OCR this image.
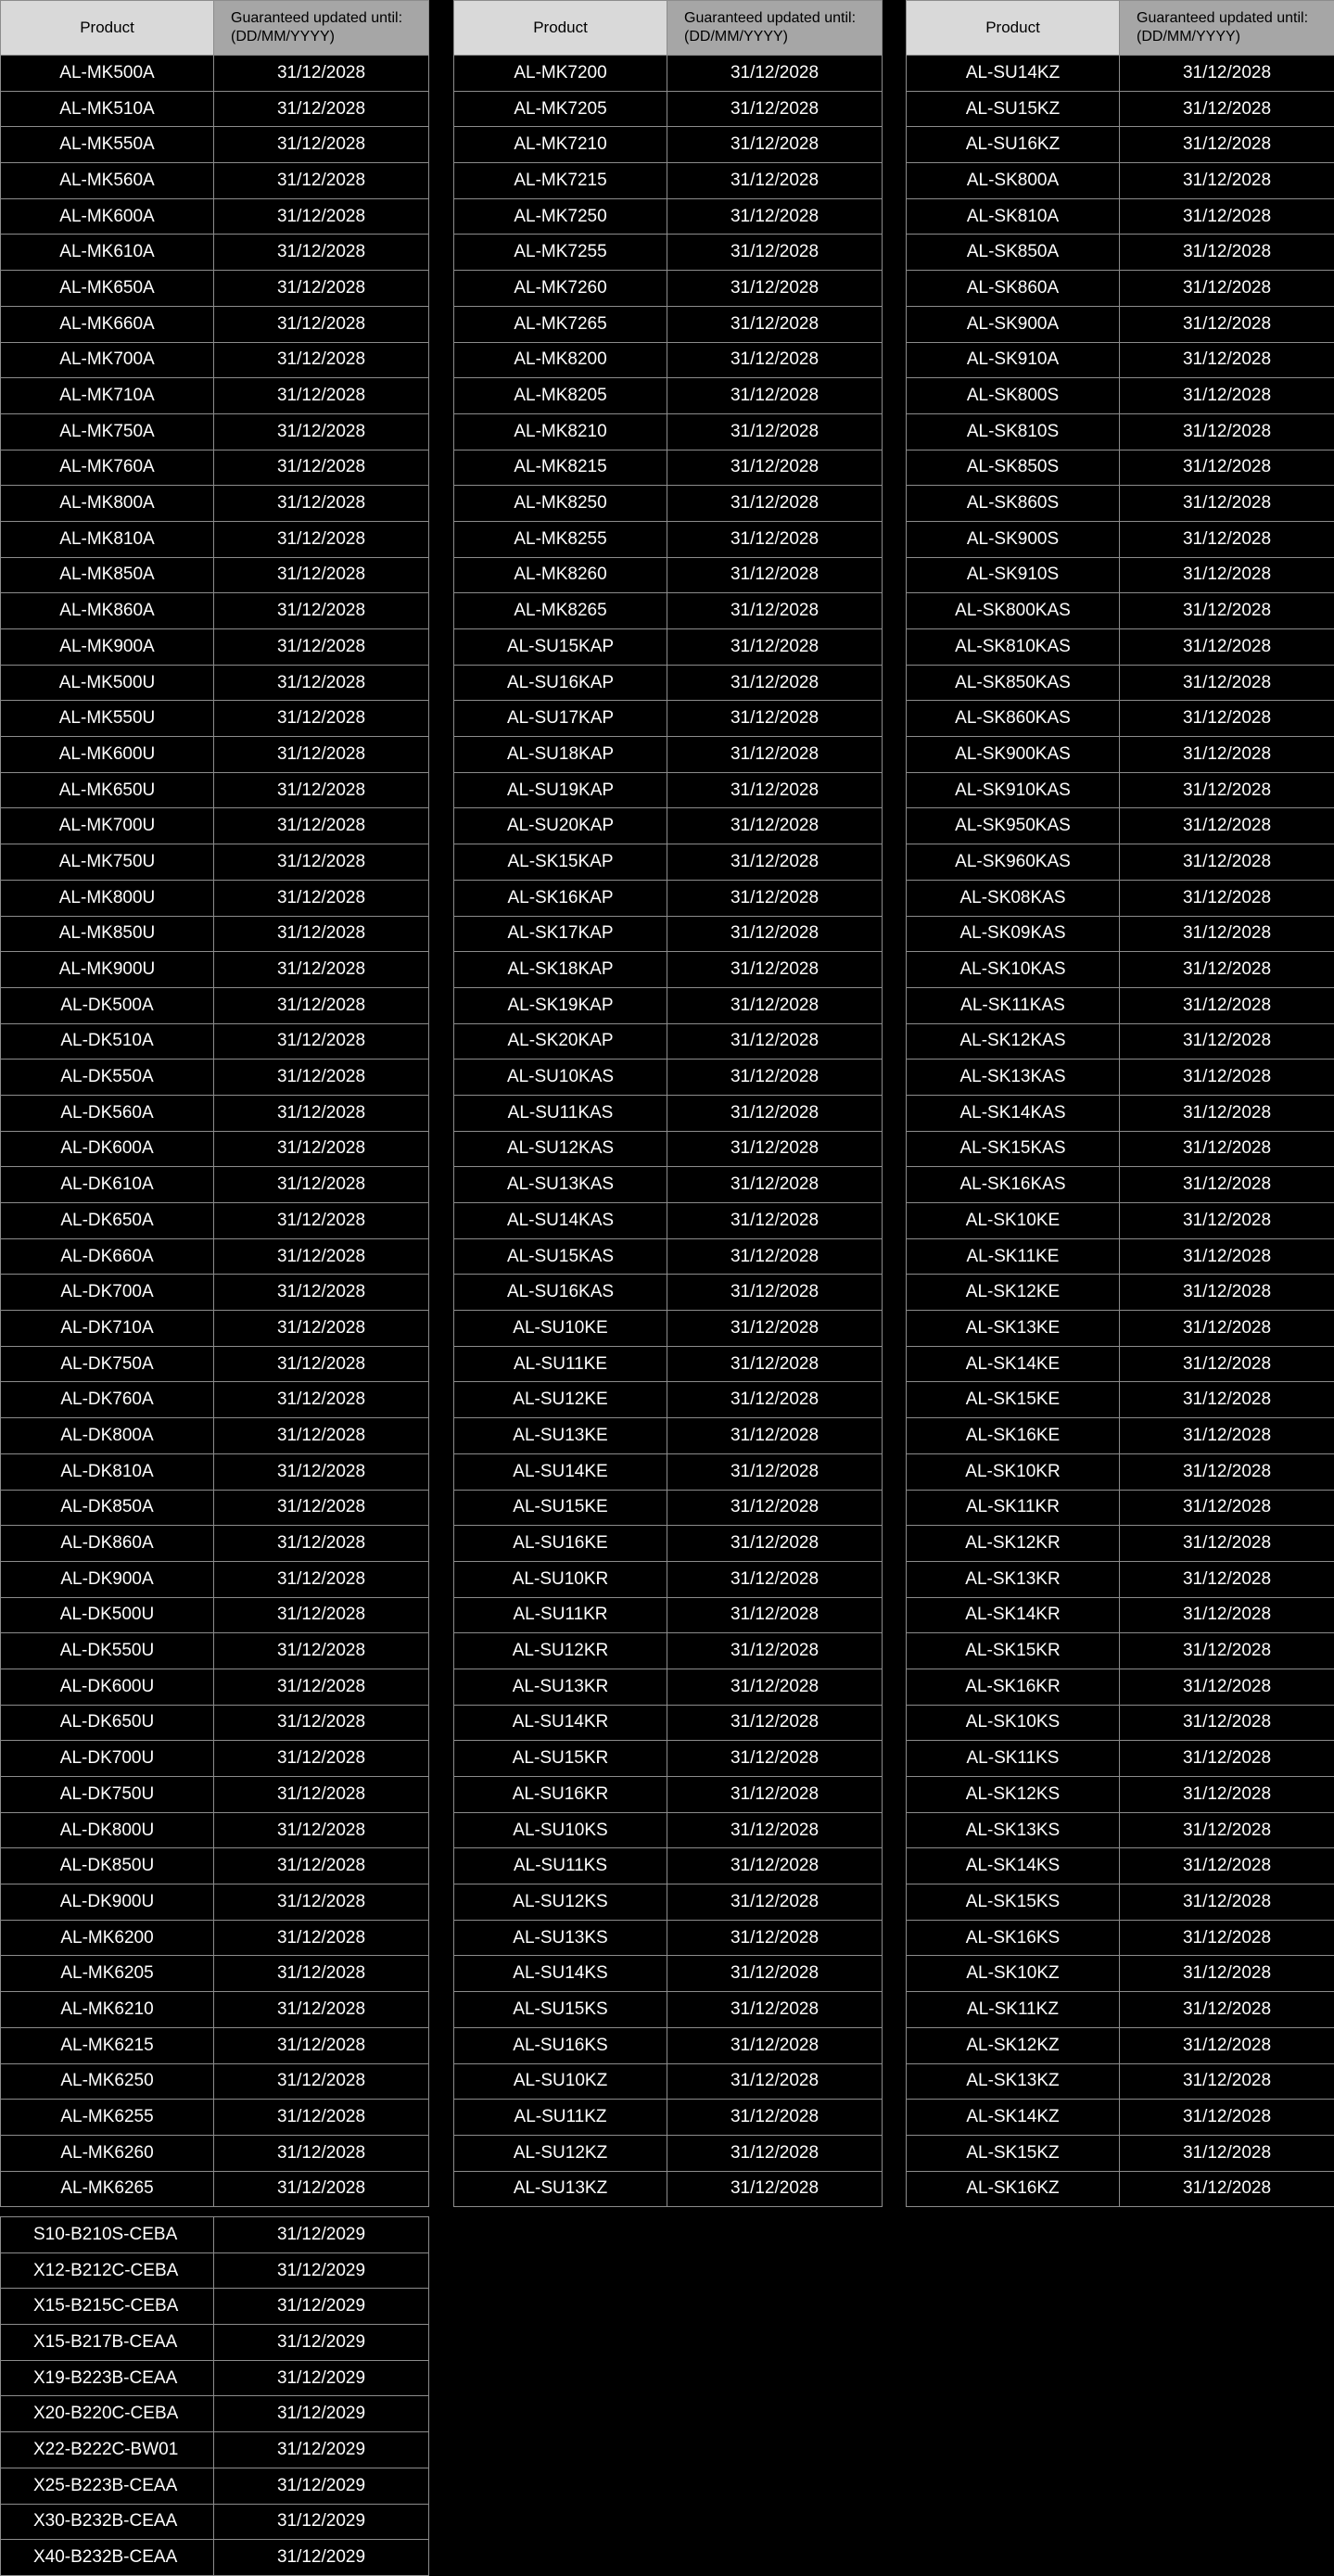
Product	Guaranteed updated until:
(DD/MM/YYYY)
AL-MK500A	31/12/2028
AL-MK510A	31/12/2028
AL-MK550A	31/12/2028
AL-MK560A	31/12/2028
AL-MK600A	31/12/2028
AL-MK610A	31/12/2028
AL-MK650A	31/12/2028
AL-MK660A	31/12/2028
AL-MK700A	31/12/2028
AL-MK710A	31/12/2028
AL-MK750A	31/12/2028
AL-MK760A	31/12/2028
AL-MK800A	31/12/2028
AL-MK810A	31/12/2028
AL-MK850A	31/12/2028
AL-MK860A	31/12/2028
AL-MK900A	31/12/2028
AL-MK500U	31/12/2028
AL-MK550U	31/12/2028
AL-MK600U	31/12/2028
AL-MK650U	31/12/2028
AL-MK700U	31/12/2028
AL-MK750U	31/12/2028
AL-MK800U	31/12/2028
AL-MK850U	31/12/2028
AL-MK900U	31/12/2028
AL-DK500A	31/12/2028
AL-DK510A	31/12/2028
AL-DK550A	31/12/2028
AL-DK560A	31/12/2028
AL-DK600A	31/12/2028
AL-DK610A	31/12/2028
AL-DK650A	31/12/2028
AL-DK660A	31/12/2028
AL-DK700A	31/12/2028
AL-DK710A	31/12/2028
AL-DK750A	31/12/2028
AL-DK760A	31/12/2028
AL-DK800A	31/12/2028
AL-DK810A	31/12/2028
AL-DK850A	31/12/2028
AL-DK860A	31/12/2028
AL-DK900A	31/12/2028
AL-DK500U	31/12/2028
AL-DK550U	31/12/2028
AL-DK600U	31/12/2028
AL-DK650U	31/12/2028
AL-DK700U	31/12/2028
AL-DK750U	31/12/2028
AL-DK800U	31/12/2028
AL-DK850U	31/12/2028
AL-DK900U	31/12/2028
AL-MK6200	31/12/2028
AL-MK6205	31/12/2028
AL-MK6210	31/12/2028
AL-MK6215	31/12/2028
AL-MK6250	31/12/2028
AL-MK6255	31/12/2028
AL-MK6260	31/12/2028
AL-MK6265	31/12/2028
Product	Guaranteed updated until:
(DD/MM/YYYY)
AL-MK7200	31/12/2028
AL-MK7205	31/12/2028
AL-MK7210	31/12/2028
AL-MK7215	31/12/2028
AL-MK7250	31/12/2028
AL-MK7255	31/12/2028
AL-MK7260	31/12/2028
AL-MK7265	31/12/2028
AL-MK8200	31/12/2028
AL-MK8205	31/12/2028
AL-MK8210	31/12/2028
AL-MK8215	31/12/2028
AL-MK8250	31/12/2028
AL-MK8255	31/12/2028
AL-MK8260	31/12/2028
AL-MK8265	31/12/2028
AL-SU15KAP	31/12/2028
AL-SU16KAP	31/12/2028
AL-SU17KAP	31/12/2028
AL-SU18KAP	31/12/2028
AL-SU19KAP	31/12/2028
AL-SU20KAP	31/12/2028
AL-SK15KAP	31/12/2028
AL-SK16KAP	31/12/2028
AL-SK17KAP	31/12/2028
AL-SK18KAP	31/12/2028
AL-SK19KAP	31/12/2028
AL-SK20KAP	31/12/2028
AL-SU10KAS	31/12/2028
AL-SU11KAS	31/12/2028
AL-SU12KAS	31/12/2028
AL-SU13KAS	31/12/2028
AL-SU14KAS	31/12/2028
AL-SU15KAS	31/12/2028
AL-SU16KAS	31/12/2028
AL-SU10KE	31/12/2028
AL-SU11KE	31/12/2028
AL-SU12KE	31/12/2028
AL-SU13KE	31/12/2028
AL-SU14KE	31/12/2028
AL-SU15KE	31/12/2028
AL-SU16KE	31/12/2028
AL-SU10KR	31/12/2028
AL-SU11KR	31/12/2028
AL-SU12KR	31/12/2028
AL-SU13KR	31/12/2028
AL-SU14KR	31/12/2028
AL-SU15KR	31/12/2028
AL-SU16KR	31/12/2028
AL-SU10KS	31/12/2028
AL-SU11KS	31/12/2028
AL-SU12KS	31/12/2028
AL-SU13KS	31/12/2028
AL-SU14KS	31/12/2028
AL-SU15KS	31/12/2028
AL-SU16KS	31/12/2028
AL-SU10KZ	31/12/2028
AL-SU11KZ	31/12/2028
AL-SU12KZ	31/12/2028
AL-SU13KZ	31/12/2028
Product	Guaranteed updated until:
(DD/MM/YYYY)
AL-SU14KZ	31/12/2028
AL-SU15KZ	31/12/2028
AL-SU16KZ	31/12/2028
AL-SK800A	31/12/2028
AL-SK810A	31/12/2028
AL-SK850A	31/12/2028
AL-SK860A	31/12/2028
AL-SK900A	31/12/2028
AL-SK910A	31/12/2028
AL-SK800S	31/12/2028
AL-SK810S	31/12/2028
AL-SK850S	31/12/2028
AL-SK860S	31/12/2028
AL-SK900S	31/12/2028
AL-SK910S	31/12/2028
AL-SK800KAS	31/12/2028
AL-SK810KAS	31/12/2028
AL-SK850KAS	31/12/2028
AL-SK860KAS	31/12/2028
AL-SK900KAS	31/12/2028
AL-SK910KAS	31/12/2028
AL-SK950KAS	31/12/2028
AL-SK960KAS	31/12/2028
AL-SK08KAS	31/12/2028
AL-SK09KAS	31/12/2028
AL-SK10KAS	31/12/2028
AL-SK11KAS	31/12/2028
AL-SK12KAS	31/12/2028
AL-SK13KAS	31/12/2028
AL-SK14KAS	31/12/2028
AL-SK15KAS	31/12/2028
AL-SK16KAS	31/12/2028
AL-SK10KE	31/12/2028
AL-SK11KE	31/12/2028
AL-SK12KE	31/12/2028
AL-SK13KE	31/12/2028
AL-SK14KE	31/12/2028
AL-SK15KE	31/12/2028
AL-SK16KE	31/12/2028
AL-SK10KR	31/12/2028
AL-SK11KR	31/12/2028
AL-SK12KR	31/12/2028
AL-SK13KR	31/12/2028
AL-SK14KR	31/12/2028
AL-SK15KR	31/12/2028
AL-SK16KR	31/12/2028
AL-SK10KS	31/12/2028
AL-SK11KS	31/12/2028
AL-SK12KS	31/12/2028
AL-SK13KS	31/12/2028
AL-SK14KS	31/12/2028
AL-SK15KS	31/12/2028
AL-SK16KS	31/12/2028
AL-SK10KZ	31/12/2028
AL-SK11KZ	31/12/2028
AL-SK12KZ	31/12/2028
AL-SK13KZ	31/12/2028
AL-SK14KZ	31/12/2028
AL-SK15KZ	31/12/2028
AL-SK16KZ	31/12/2028
S10-B210S-CEBA	31/12/2029
X12-B212C-CEBA	31/12/2029
X15-B215C-CEBA	31/12/2029
X15-B217B-CEAA	31/12/2029
X19-B223B-CEAA	31/12/2029
X20-B220C-CEBA	31/12/2029
X22-B222C-BW01	31/12/2029
X25-B223B-CEAA	31/12/2029
X30-B232B-CEAA	31/12/2029
X40-B232B-CEAA	31/12/2029
